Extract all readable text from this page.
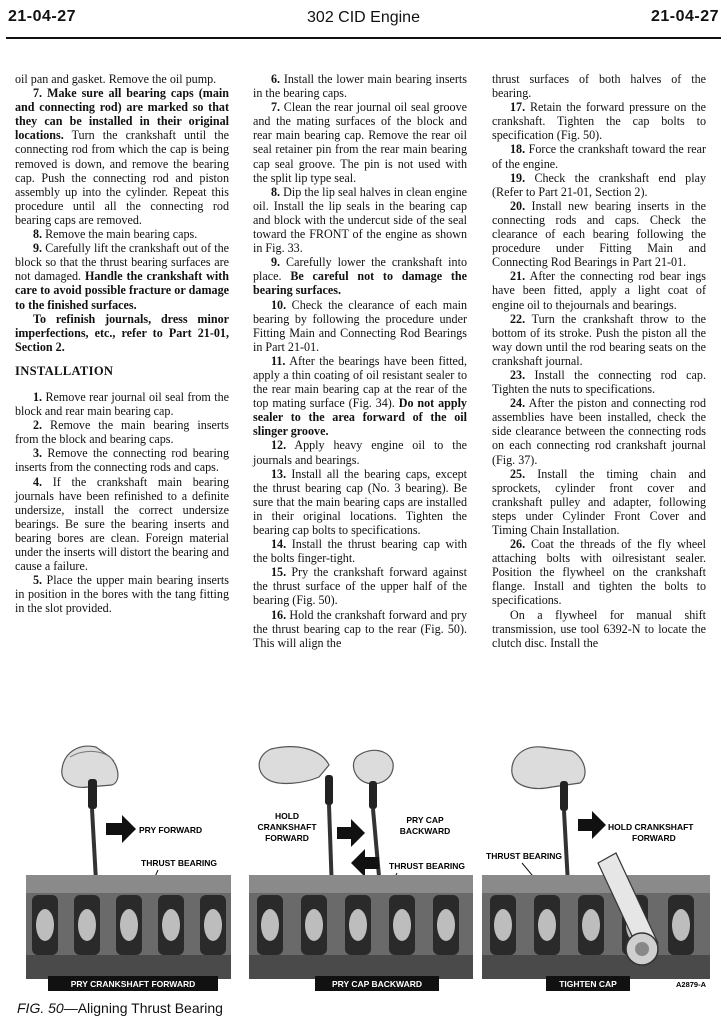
21-04-27	302 CID Engine	21-04-27

oil pan and gasket. Remove the oil pump.

7. Make sure all bearing caps (main and connecting rod) are marked so that they can be installed in their original locations. Turn the crankshaft until the connecting rod from which the cap is being removed is down, and remove the bearing cap. Push the connecting rod and piston assembly up into the cylinder. Repeat this procedure until all the connecting rod bearing caps are removed.

8. Remove the main bearing caps.

9. Carefully lift the crankshaft out of the block so that the thrust bearing surfaces are not damaged. Handle the crankshaft with care to avoid possible fracture or damage to the finished surfaces.

To refinish journals, dress minor imperfections, etc., refer to Part 21-01, Section 2.

INSTALLATION

1. Remove rear journal oil seal from the block and rear main bearing cap.

2. Remove the main bearing inserts from the block and bearing caps.

3. Remove the connecting rod bearing inserts from the connecting rods and caps.

4. If the crankshaft main bearing journals have been refinished to a definite undersize, install the correct undersize bearings. Be sure the bearing inserts and bearing bores are clean. Foreign material under the inserts will distort the bearing and cause a failure.

5. Place the upper main bearing inserts in position in the bores with the tang fitting in the slot provided.

6. Install the lower main bearing inserts in the bearing caps.

7. Clean the rear journal oil seal groove and the mating surfaces of the block and rear main bearing cap. Remove the rear oil seal retainer pin from the rear main bearing cap seal groove. The pin is not used with the split lip type seal.

8. Dip the lip seal halves in clean engine oil. Install the lip seals in the bearing cap and block with the undercut side of the seal toward the FRONT of the engine as shown in Fig. 33.

9. Carefully lower the crankshaft into place. Be careful not to damage the bearing surfaces.

10. Check the clearance of each main bearing by following the procedure under Fitting Main and Connecting Rod Bearings in Part 21-01.

11. After the bearings have been fitted, apply a thin coating of oil resistant sealer to the rear main bearing cap at the rear of the top mating surface (Fig. 34). Do not apply sealer to the area forward of the oil slinger groove.

12. Apply heavy engine oil to the journals and bearings.

13. Install all the bearing caps, except the thrust bearing cap (No. 3 bearing). Be sure that the main bearing caps are installed in their original locations. Tighten the bearing cap bolts to specifications.

14. Install the thrust bearing cap with the bolts finger-tight.

15. Pry the crankshaft forward against the thrust surface of the upper half of the bearing (Fig. 50).

16. Hold the crankshaft forward and pry the thrust bearing cap to the rear (Fig. 50). This will align the

thrust surfaces of both halves of the bearing.

17. Retain the forward pressure on the crankshaft. Tighten the cap bolts to specification (Fig. 50).

18. Force the crankshaft toward the rear of the engine.

19. Check the crankshaft end play (Refer to Part 21-01, Section 2).

20. Install new bearing inserts in the connecting rods and caps. Check the clearance of each bearing following the procedure under Fitting Main and Connecting Rod Bearings in Part 21-01.

21. After the connecting rod bear ings have been fitted, apply a light coat of engine oil to thejournals and bearings.

22. Turn the crankshaft throw to the bottom of its stroke. Push the piston all the way down until the rod bearing seats on the crankshaft journal.

23. Install the connecting rod cap. Tighten the nuts to specifications.

24. After the piston and connecting rod assemblies have been installed, check the side clearance between the connecting rods on each connecting rod crankshaft journal (Fig. 37).

25. Install the timing chain and sprockets, cylinder front cover and crankshaft pulley and adapter, following steps under Cylinder Front Cover and Timing Chain Installation.

26. Coat the threads of the fly wheel attaching bolts with oilresistant sealer. Position the flywheel on the crankshaft flange. Install and tighten the bolts to specifications.

On a flywheel for manual shift transmission, use tool 6392-N to locate the clutch disc. Install the

PRY FORWARD
THRUST BEARING
PRY CRANKSHAFT FORWARD
HOLD
CRANKSHAFT
FORWARD
PRY CAP
BACKWARD
THRUST BEARING
PRY CAP BACKWARD
HOLD CRANKSHAFT
FORWARD
THRUST BEARING
TIGHTEN CAP	A2879-A
FIG. 50—Aligning Thrust Bearing
